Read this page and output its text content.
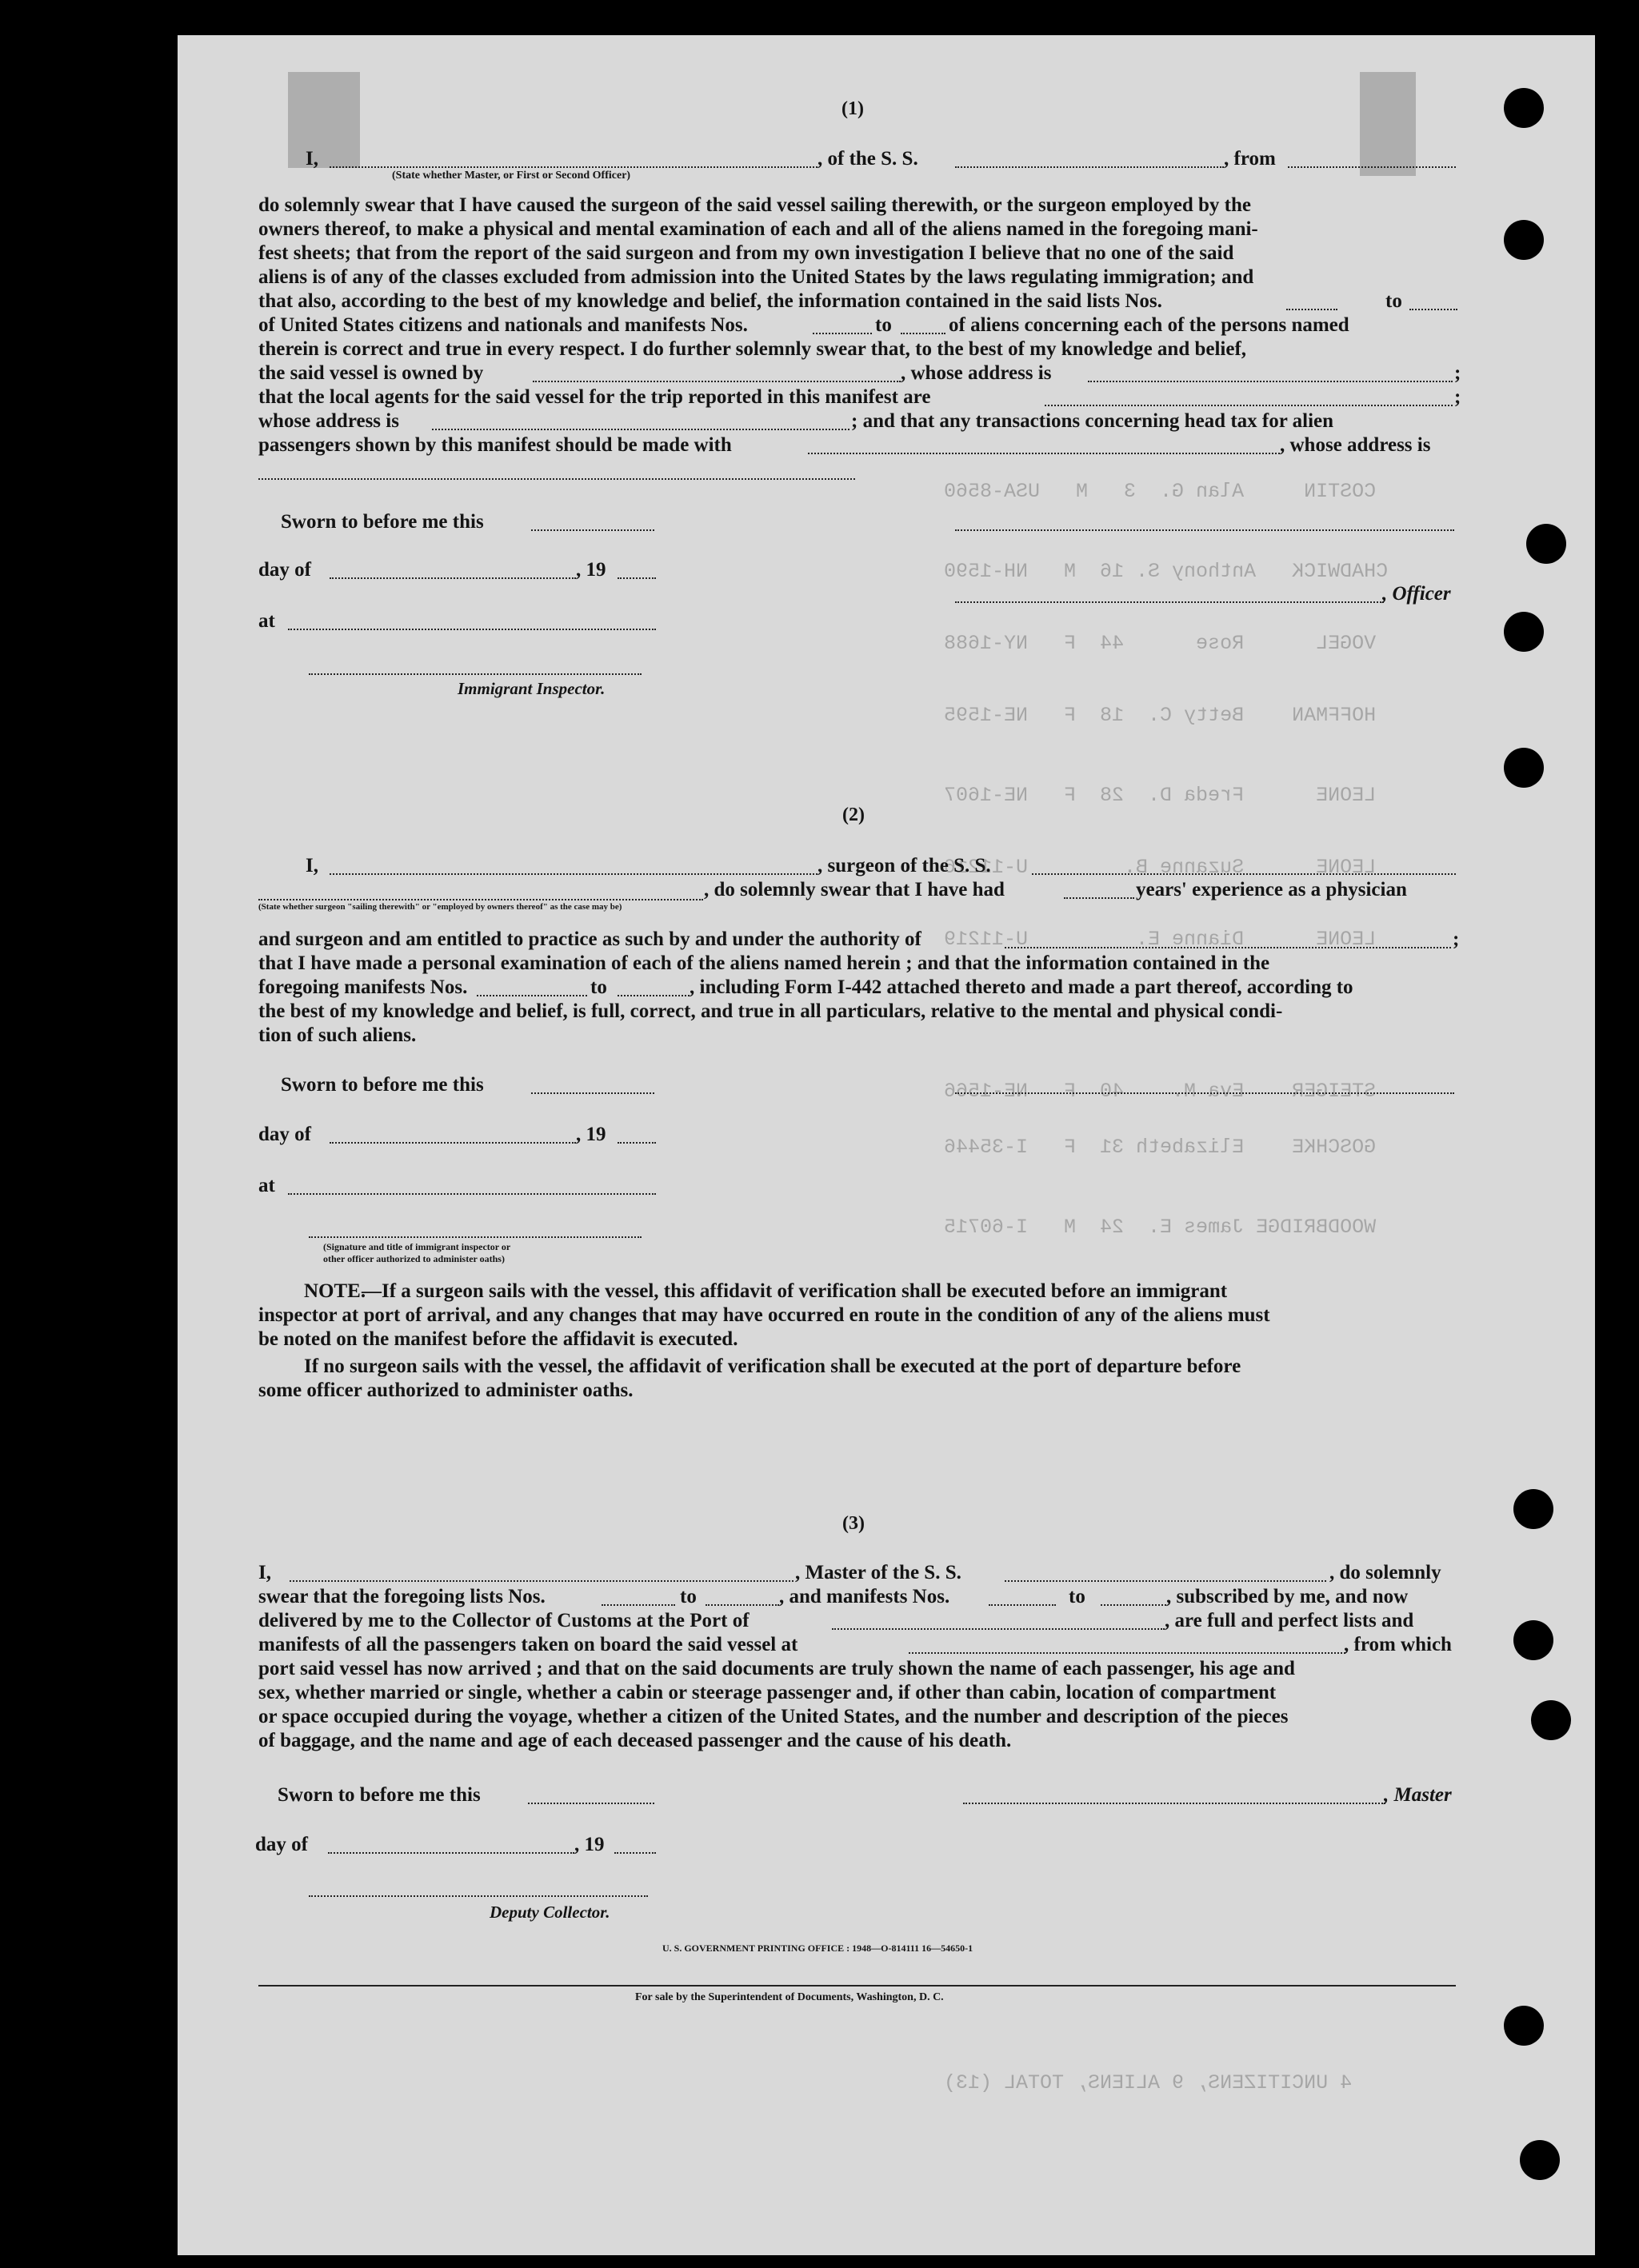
COSTIN     Alan G.  3   M   USA-8560
CHADWICK   Anthony S. 16  M   NH-1590
VOGEL      Rose      44  F   NY-1688
HOFFMAN    Betty C.  18  F   NE-1595
LEONE      Freda D.  28  F   NE-1607
LEONE      Suzanne B.        U-11216
LEONE      Dianne E.         U-11219
STEIGER    Eva M.    40  F   NE-1566
GOSCHKE    Elizabeth 31  F   I-35446
WOODBRIDGE James E.  24  M   I-60715
4 UNCITIZENS, 9 ALIENS, TOTAL (13)
(1)
I,	, of the S. S.	, from
(State whether Master, or First or Second Officer)
do solemnly swear that I have caused the surgeon of the said vessel sailing therewith, or the surgeon employed by the
owners thereof, to make a physical and mental examination of each and all of the aliens named in the foregoing mani-
fest sheets; that from the report of the said surgeon and from my own investigation I believe that no one of the said
aliens is of any of the classes excluded from admission into the United States by the laws regulating immigration; and
that also, according to the best of my knowledge and belief, the information contained in the said lists Nos.	to
of United States citizens and nationals and manifests Nos.	to	of aliens concerning each of the persons named
therein is correct and true in every respect. I do further solemnly swear that, to the best of my knowledge and belief,
the said vessel is owned by	, whose address is	;
that the local agents for the said vessel for the trip reported in this manifest are	;
whose address is	; and that any transactions concerning head tax for alien
passengers shown by this manifest should be made with	, whose address is
Sworn to before me this
day of	, 19
, Officer
at
Immigrant Inspector.
(2)
I,	, surgeon of the S. S.
, do solemnly swear that I have had	years' experience as a physician
(State whether surgeon "sailing therewith" or "employed by owners thereof" as the case may be)
and surgeon and am entitled to practice as such by and under the authority of	;
that I have made a personal examination of each of the aliens named herein ; and that the information contained in the
foregoing manifests Nos.	to	, including Form I-442 attached thereto and made a part thereof, according to
the best of my knowledge and belief, is full, correct, and true in all particulars, relative to the mental and physical condi-
tion of such aliens.
Sworn to before me this
day of	, 19
at
(Signature and title of immigrant inspector or
other officer authorized to administer oaths)
NOTE.
—If a surgeon sails with the vessel, this affidavit of verification shall be executed before an immigrant
inspector at port of arrival, and any changes that may have occurred en route in the condition of any of the aliens must
be noted on the manifest before the affidavit is executed.
If no surgeon sails with the vessel, the affidavit of verification shall be executed at the port of departure before
some officer authorized to administer oaths.
(3)
I,	, Master of the S. S.	, do solemnly
swear that the foregoing lists Nos.	to	, and manifests Nos.	to	, subscribed by me, and now
delivered by me to the Collector of Customs at the Port of	, are full and perfect lists and
manifests of all the passengers taken on board the said vessel at	, from which
port said vessel has now arrived ; and that on the said documents are truly shown the name of each passenger, his age and
sex, whether married or single, whether a cabin or steerage passenger and, if other than cabin, location of compartment
or space occupied during the voyage, whether a citizen of the United States, and the number and description of the pieces
of baggage, and the name and age of each deceased passenger and the cause of his death.
Sworn to before me this	, Master
day of	, 19
Deputy Collector.
U. S. GOVERNMENT PRINTING OFFICE : 1948—O-814111 16—54650-1
For sale by the Superintendent of Documents, Washington, D. C.
